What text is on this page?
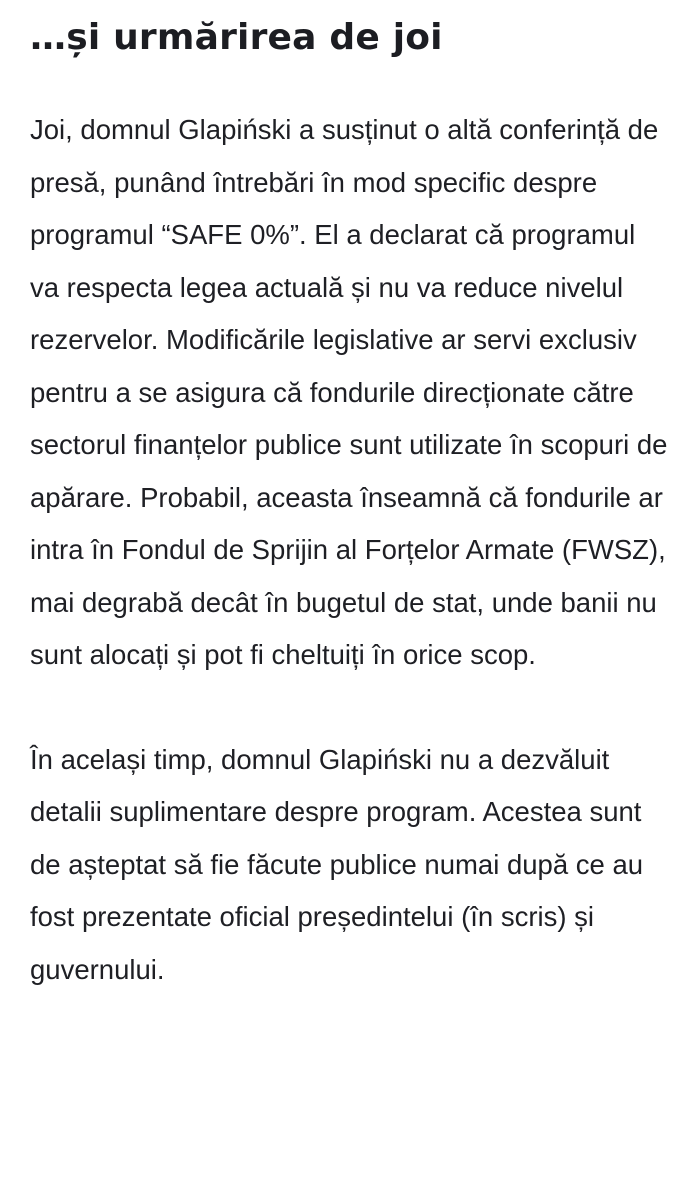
…și urmărirea de joi

Joi, domnul Glapiński a susținut o altă conferință de presă, punând întrebări în mod specific despre programul “SAFE 0%”. El a declarat că programul va respecta legea actuală și nu va reduce nivelul rezervelor. Modificările legislative ar servi exclusiv pentru a se asigura că fondurile direcționate către sectorul finanțelor publice sunt utilizate în scopuri de apărare. Probabil, aceasta înseamnă că fondurile ar intra în Fondul de Sprijin al Forțelor Armate (FWSZ), mai degrabă decât în bugetul de stat, unde banii nu sunt alocați și pot fi cheltuiți în orice scop.

În același timp, domnul Glapiński nu a dezvăluit detalii suplimentare despre program. Acestea sunt de așteptat să fie făcute publice numai după ce au fost prezentate oficial președintelui (în scris) și guvernului.
